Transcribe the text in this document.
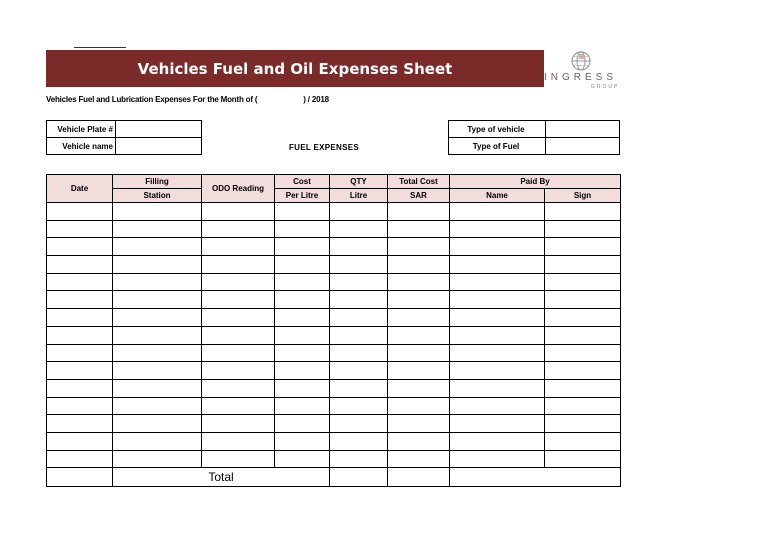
Vehicles Fuel and Oil Expenses Sheet	INGRESS
GROUP
Vehicles Fuel and Lubrication Expenses For the Month of (	) / 2018
Vehicle Plate #	
Vehicle name		FUEL EXPENSES
Type of vehicle	
Type of Fuel	
Date	Filling	ODO Reading	Cost	QTY	Total Cost	Paid By	
	Station		Per Litre	Litre	SAR	Name	Sign

	Total						
